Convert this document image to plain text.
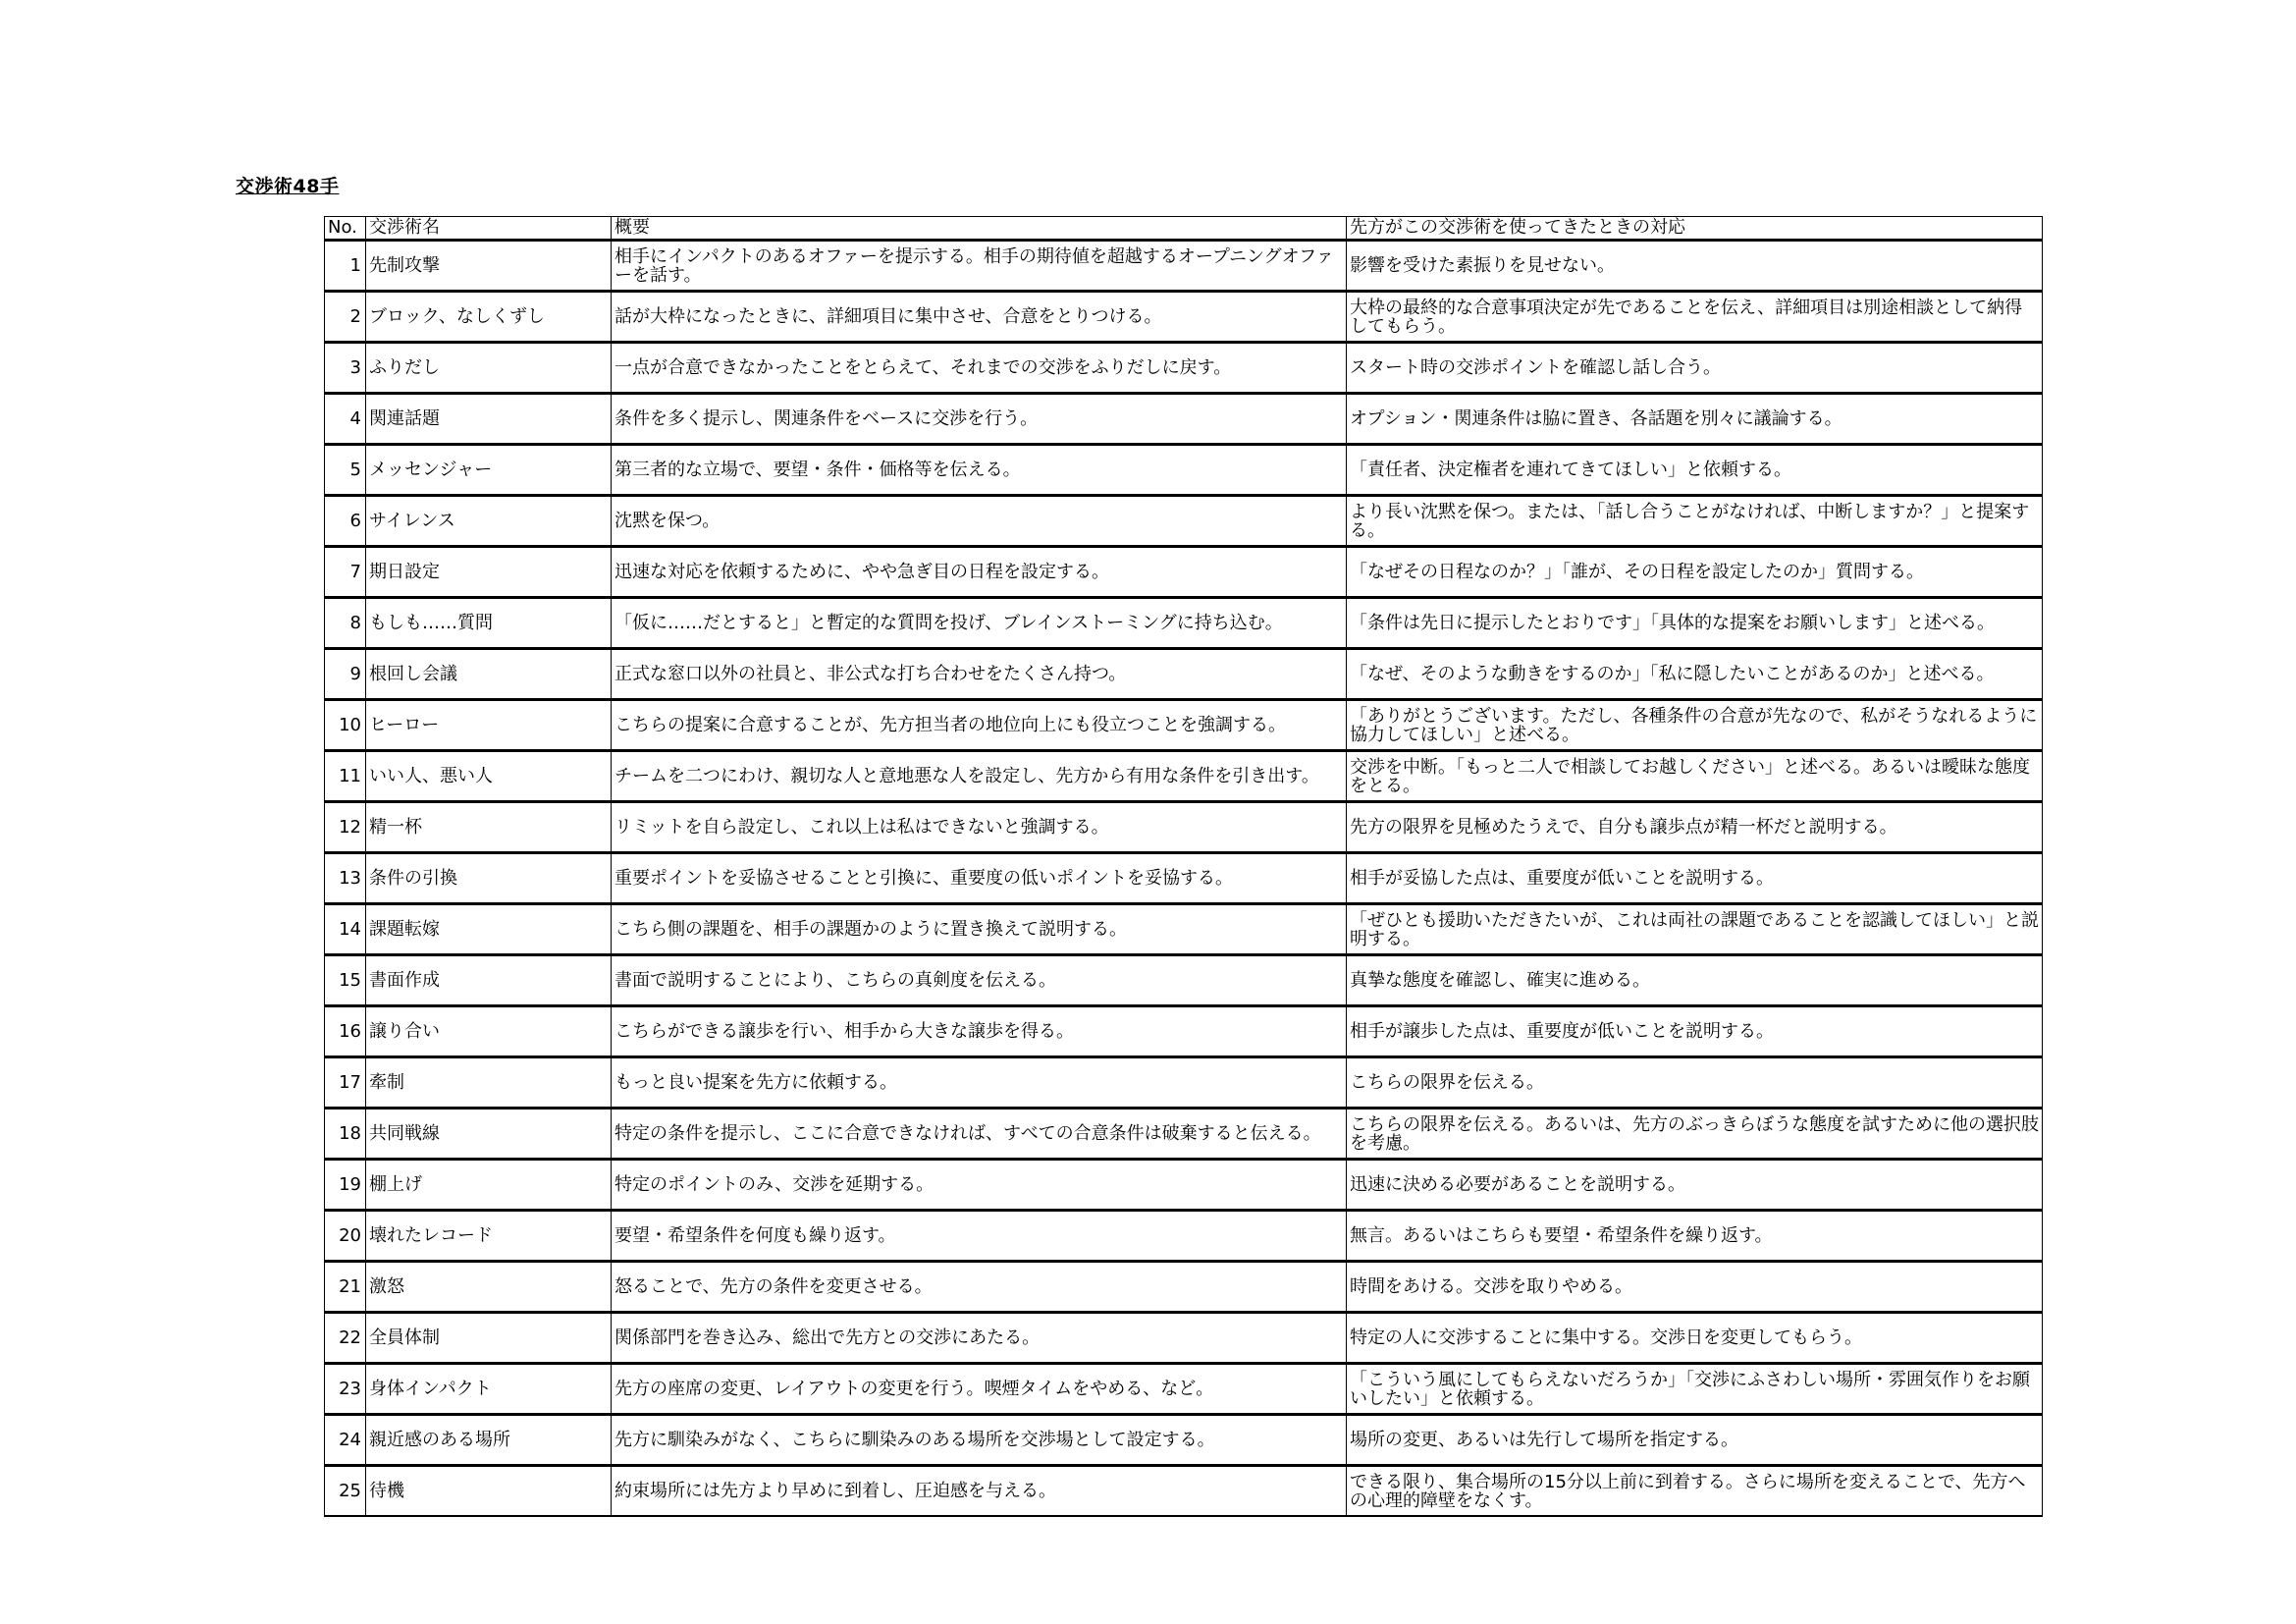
交渉術48手
No.	交渉術名	概要	先方がこの交渉術を使ってきたときの対応
1	先制攻撃	相手にインパクトのあるオファーを提示する。相手の期待値を超越するオープニングオファーを話す。	影響を受けた素振りを見せない。
2	ブロック、なしくずし	話が大枠になったときに、詳細項目に集中させ、合意をとりつける。	大枠の最終的な合意事項決定が先であることを伝え、詳細項目は別途相談として納得してもらう。
3	ふりだし	一点が合意できなかったことをとらえて、それまでの交渉をふりだしに戻す。	スタート時の交渉ポイントを確認し話し合う。
4	関連話題	条件を多く提示し、関連条件をベースに交渉を行う。	オプション・関連条件は脇に置き、各話題を別々に議論する。
5	メッセンジャー	第三者的な立場で、要望・条件・価格等を伝える。	「責任者、決定権者を連れてきてほしい」と依頼する。
6	サイレンス	沈黙を保つ。	より長い沈黙を保つ。または、「話し合うことがなければ、中断しますか？」と提案する。
7	期日設定	迅速な対応を依頼するために、やや急ぎ目の日程を設定する。	「なぜその日程なのか？」「誰が、その日程を設定したのか」質問する。
8	もしも……質問	「仮に……だとすると」と暫定的な質問を投げ、ブレインストーミングに持ち込む。	「条件は先日に提示したとおりです」「具体的な提案をお願いします」と述べる。
9	根回し会議	正式な窓口以外の社員と、非公式な打ち合わせをたくさん持つ。	「なぜ、そのような動きをするのか」「私に隠したいことがあるのか」と述べる。
10	ヒーロー	こちらの提案に合意することが、先方担当者の地位向上にも役立つことを強調する。	「ありがとうございます。ただし、各種条件の合意が先なので、私がそうなれるように協力してほしい」と述べる。
11	いい人、悪い人	チームを二つにわけ、親切な人と意地悪な人を設定し、先方から有用な条件を引き出す。	交渉を中断。「もっと二人で相談してお越しください」と述べる。あるいは曖昧な態度をとる。
12	精一杯	リミットを自ら設定し、これ以上は私はできないと強調する。	先方の限界を見極めたうえで、自分も譲歩点が精一杯だと説明する。
13	条件の引換	重要ポイントを妥協させることと引換に、重要度の低いポイントを妥協する。	相手が妥協した点は、重要度が低いことを説明する。
14	課題転嫁	こちら側の課題を、相手の課題かのように置き換えて説明する。	「ぜひとも援助いただきたいが、これは両社の課題であることを認識してほしい」と説明する。
15	書面作成	書面で説明することにより、こちらの真剣度を伝える。	真摯な態度を確認し、確実に進める。
16	譲り合い	こちらができる譲歩を行い、相手から大きな譲歩を得る。	相手が譲歩した点は、重要度が低いことを説明する。
17	牽制	もっと良い提案を先方に依頼する。	こちらの限界を伝える。
18	共同戦線	特定の条件を提示し、ここに合意できなければ、すべての合意条件は破棄すると伝える。	こちらの限界を伝える。あるいは、先方のぶっきらぼうな態度を試すために他の選択肢を考慮。
19	棚上げ	特定のポイントのみ、交渉を延期する。	迅速に決める必要があることを説明する。
20	壊れたレコード	要望・希望条件を何度も繰り返す。	無言。あるいはこちらも要望・希望条件を繰り返す。
21	激怒	怒ることで、先方の条件を変更させる。	時間をあける。交渉を取りやめる。
22	全員体制	関係部門を巻き込み、総出で先方との交渉にあたる。	特定の人に交渉することに集中する。交渉日を変更してもらう。
23	身体インパクト	先方の座席の変更、レイアウトの変更を行う。喫煙タイムをやめる、など。	「こういう風にしてもらえないだろうか」「交渉にふさわしい場所・雰囲気作りをお願いしたい」と依頼する。
24	親近感のある場所	先方に馴染みがなく、こちらに馴染みのある場所を交渉場として設定する。	場所の変更、あるいは先行して場所を指定する。
25	待機	約束場所には先方より早めに到着し、圧迫感を与える。	できる限り、集合場所の15分以上前に到着する。さらに場所を変えることで、先方への心理的障壁をなくす。
